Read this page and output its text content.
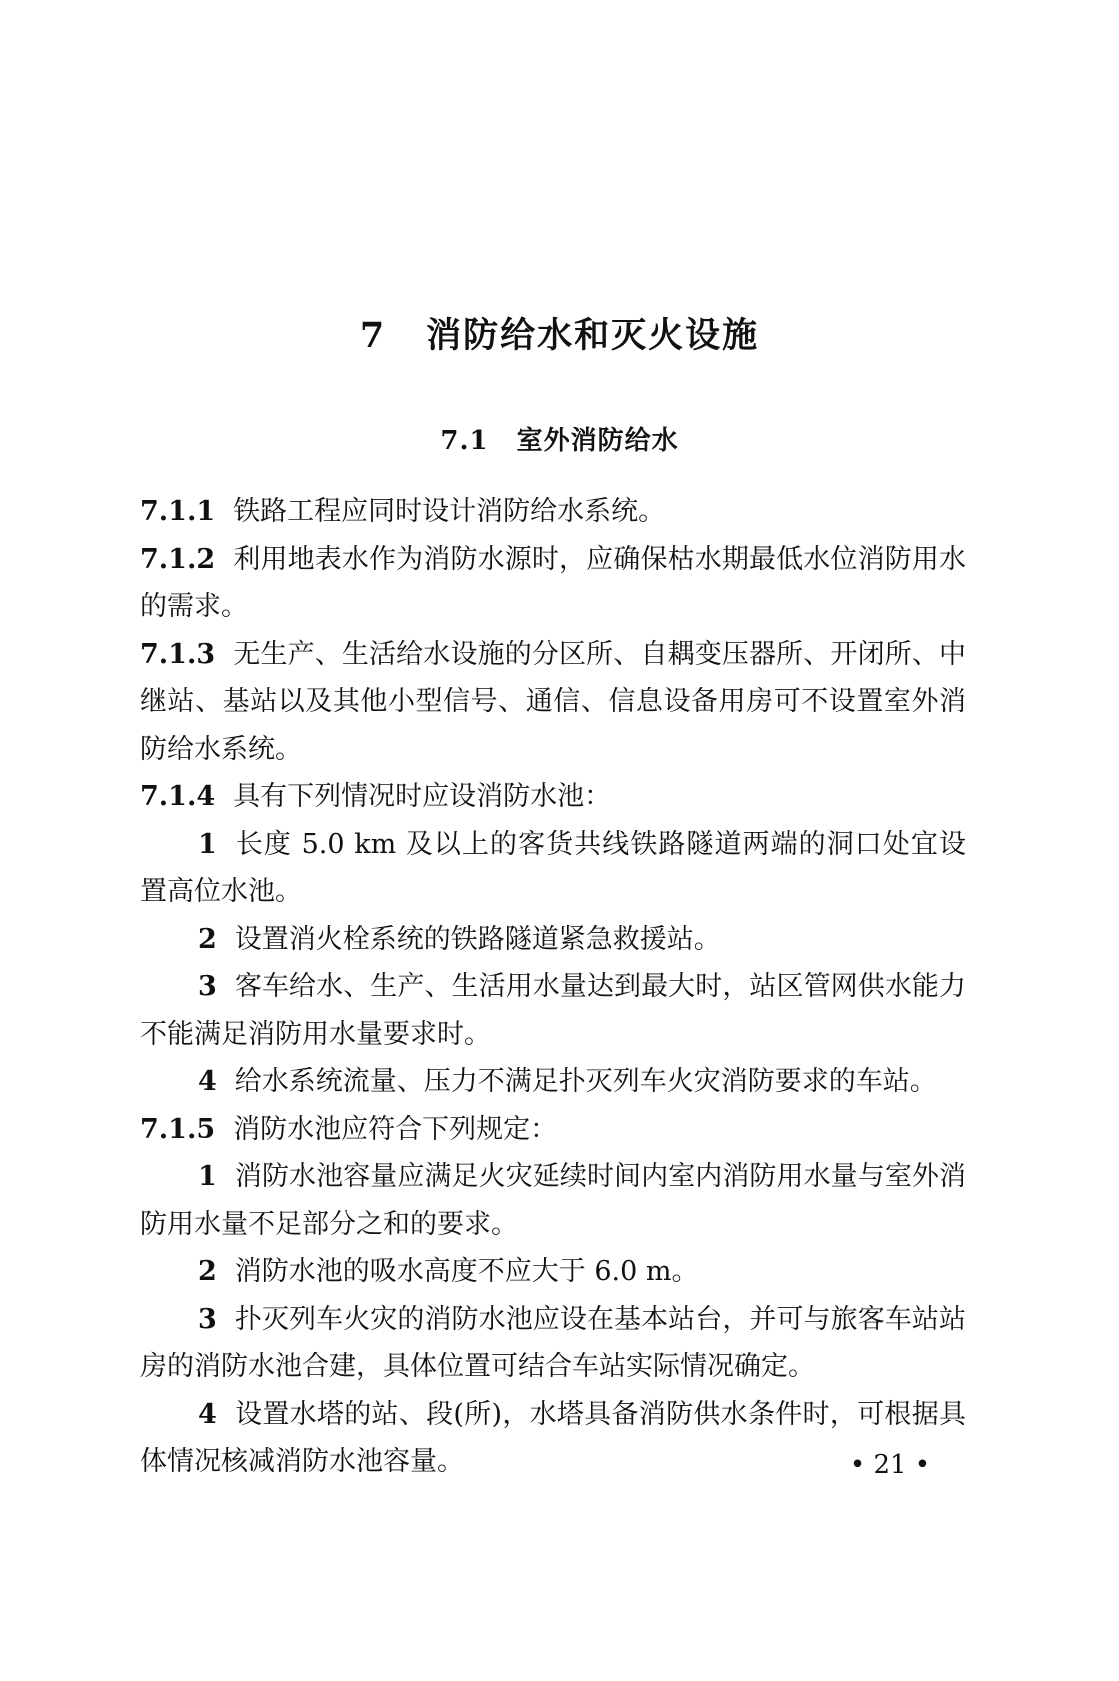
7 消防给水和灭火设施
7.1 室外消防给水

7.1.1 铁路工程应同时设计消防给水系统。

7.1.2 利用地表水作为消防水源时，应确保枯水期最低水位消防用水的需求。

7.1.3 无生产、生活给水设施的分区所、自耦变压器所、开闭所、中继站、基站以及其他小型信号、通信、信息设备用房可不设置室外消防给水系统。

7.1.4 具有下列情况时应设消防水池：

1 长度 5.0 km 及以上的客货共线铁路隧道两端的洞口处宜设置高位水池。

2 设置消火栓系统的铁路隧道紧急救援站。

3 客车给水、生产、生活用水量达到最大时，站区管网供水能力不能满足消防用水量要求时。

4 给水系统流量、压力不满足扑灭列车火灾消防要求的车站。

7.1.5 消防水池应符合下列规定：

1 消防水池容量应满足火灾延续时间内室内消防用水量与室外消防用水量不足部分之和的要求。

2 消防水池的吸水高度不应大于 6.0 m。

3 扑灭列车火灾的消防水池应设在基本站台，并可与旅客车站站房的消防水池合建，具体位置可结合车站实际情况确定。

4 设置水塔的站、段(所)，水塔具备消防供水条件时，可根据具体情况核减消防水池容量。	• 21 •
